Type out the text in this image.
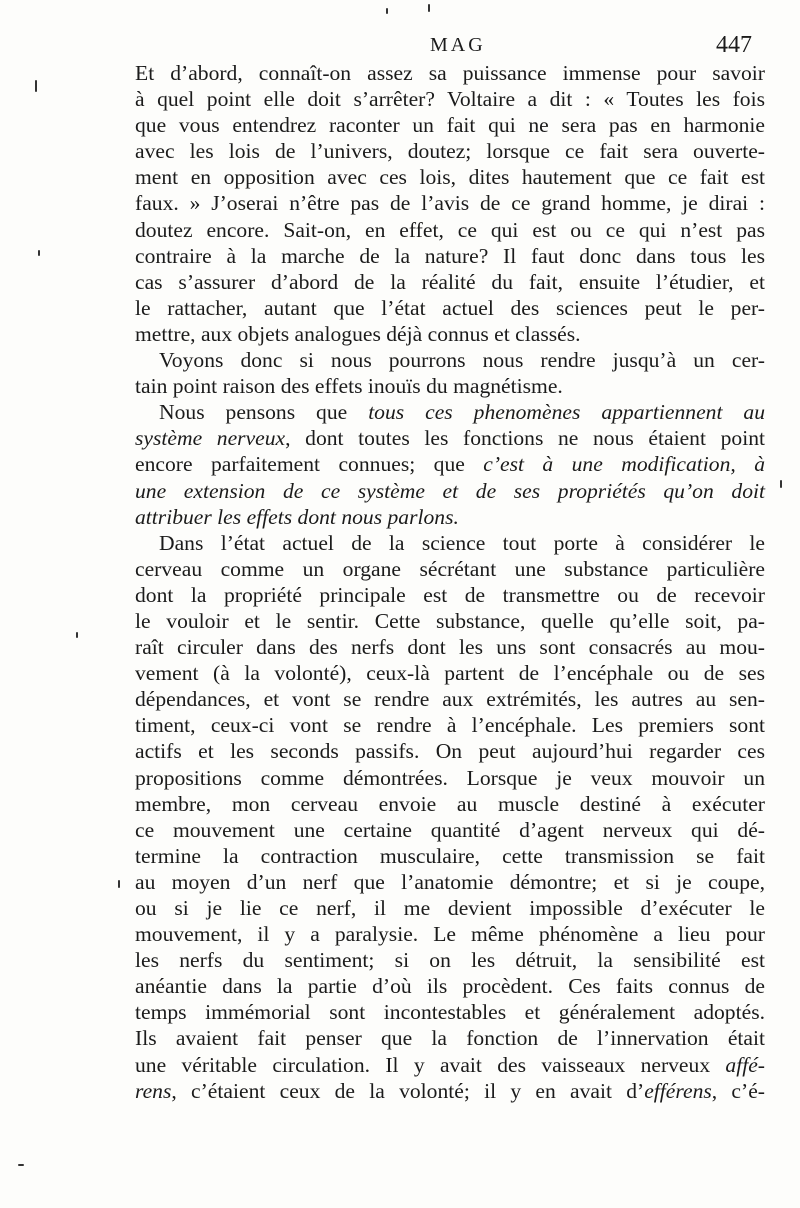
MAG	447
Et d’abord, connaît-on assez sa puissance immense pour savoir
à quel point elle doit s’arrêter? Voltaire a dit : « Toutes les fois
que vous entendrez raconter un fait qui ne sera pas en harmonie
avec les lois de l’univers, doutez; lorsque ce fait sera ouverte-
ment en opposition avec ces lois, dites hautement que ce fait est
faux. » J’oserai n’être pas de l’avis de ce grand homme, je dirai :
doutez encore. Sait-on, en effet, ce qui est ou ce qui n’est pas
contraire à la marche de la nature? Il faut donc dans tous les
cas s’assurer d’abord de la réalité du fait, ensuite l’étudier, et
le rattacher, autant que l’état actuel des sciences peut le per-
mettre, aux objets analogues déjà connus et classés.
Voyons donc si nous pourrons nous rendre jusqu’à un cer-
tain point raison des effets inouïs du magnétisme.
Nous pensons que tous ces phenomènes appartiennent au
système nerveux, dont toutes les fonctions ne nous étaient point
encore parfaitement connues; que c’est à une modification, à
une extension de ce système et de ses propriétés qu’on doit
attribuer les effets dont nous parlons.
Dans l’état actuel de la science tout porte à considérer le
cerveau comme un organe sécrétant une substance particulière
dont la propriété principale est de transmettre ou de recevoir
le vouloir et le sentir. Cette substance, quelle qu’elle soit, pa-
raît circuler dans des nerfs dont les uns sont consacrés au mou-
vement (à la volonté), ceux-là partent de l’encéphale ou de ses
dépendances, et vont se rendre aux extrémités, les autres au sen-
timent, ceux-ci vont se rendre à l’encéphale. Les premiers sont
actifs et les seconds passifs. On peut aujourd’hui regarder ces
propositions comme démontrées. Lorsque je veux mouvoir un
membre, mon cerveau envoie au muscle destiné à exécuter
ce mouvement une certaine quantité d’agent nerveux qui dé-
termine la contraction musculaire, cette transmission se fait
au moyen d’un nerf que l’anatomie démontre; et si je coupe,
ou si je lie ce nerf, il me devient impossible d’exécuter le
mouvement, il y a paralysie. Le même phénomène a lieu pour
les nerfs du sentiment; si on les détruit, la sensibilité est
anéantie dans la partie d’où ils procèdent. Ces faits connus de
temps immémorial sont incontestables et généralement adoptés.
Ils avaient fait penser que la fonction de l’innervation était
une véritable circulation. Il y avait des vaisseaux nerveux affé-
rens, c’étaient ceux de la volonté; il y en avait d’efférens, c’é-
